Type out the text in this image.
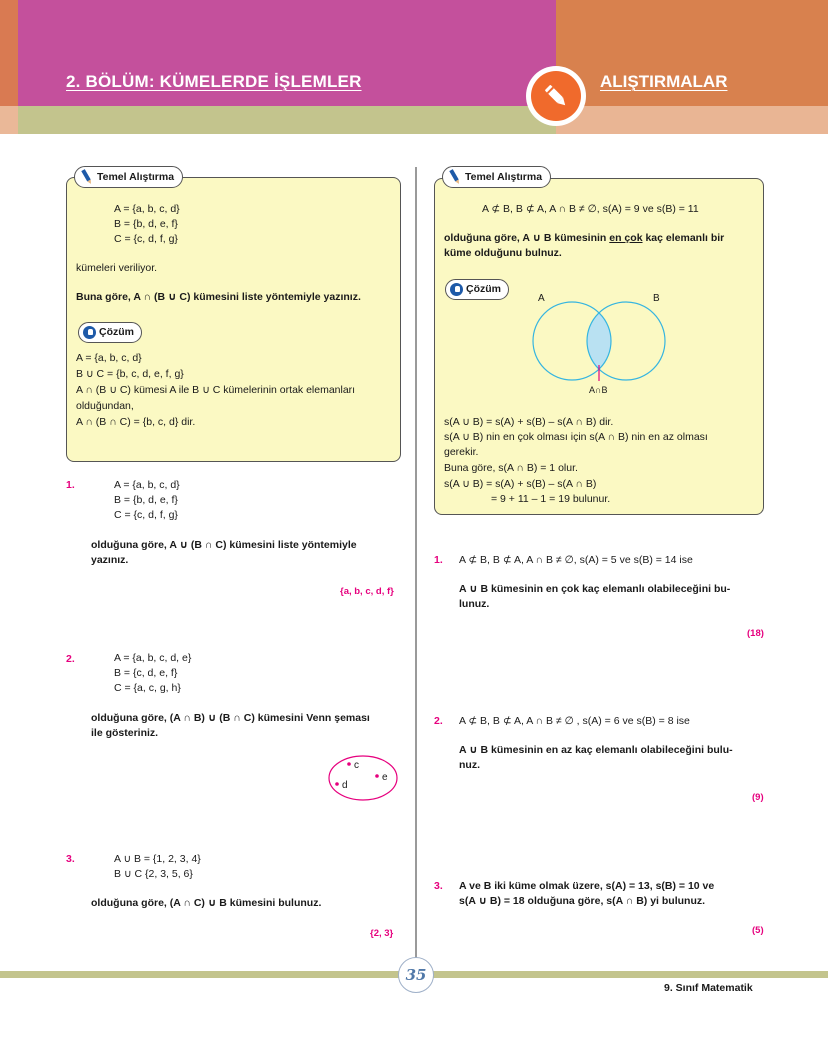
2. BÖLÜM: KÜMELERDE İŞLEMLER	ALIŞTIRMALAR
Temel Alıştırma
A = {a, b, c, d}
B = {b, d, e, f}
C = {c, d, f, g}
kümeleri veriliyor.
Buna göre, A ∩ (B ∪ C) kümesini liste yöntemiyle yazınız.
Çözüm
A = {a, b, c, d}
B ∪ C = {b, c, d, e, f, g}
A ∩ (B ∪ C) kümesi A ile B ∪ C kümelerinin ortak elemanları
olduğundan,
A ∩ (B ∩ C) = {b, c, d} dir.
Temel Alıştırma
A ⊄ B, B ⊄ A, A ∩ B ≠ ∅, s(A) = 9 ve s(B) = 11
olduğuna göre, A ∪ B kümesinin en çok kaç elemanlı bir
küme olduğunu bulnuz.
Çözüm
A	B
A∩B
s(A ∪ B) = s(A) + s(B) – s(A ∩ B) dir.
s(A ∪ B) nin en çok olması için s(A ∩ B) nin en az olması
gerekir.
Buna göre, s(A ∩ B) = 1 olur.
s(A ∪ B) = s(A) + s(B) – s(A ∩ B)
= 9 + 11 – 1 = 19 bulunur.
1.	A = {a, b, c, d}
B = {b, d, e, f}
C = {c, d, f, g}
olduğuna göre, A ∪ (B ∩ C) kümesini liste yöntemiyle
yazınız.
{a, b, c, d, f}
2.	A = {a, b, c, d, e}
B = {c, d, e, f}
C = {a, c, g, h}
olduğuna göre, (A ∩ B) ∪ (B ∩ C) kümesini Venn şeması
ile gösteriniz.
c
e
d
3.	A ∪ B = {1, 2, 3, 4}
B ∪ C {2, 3, 5, 6}
olduğuna göre, (A ∩ C) ∪ B kümesini bulunuz.
{2, 3}
1. A ⊄ B, B ⊄ A, A ∩ B ≠ ∅, s(A) = 5 ve s(B) = 14 ise
A ∪ B kümesinin en çok kaç elemanlı olabileceğini bu-
lunuz.
(18)
2. A ⊄ B, B ⊄ A, A ∩ B ≠ ∅ , s(A) = 6 ve s(B) = 8 ise
A ∪ B kümesinin en az kaç elemanlı olabileceğini bulu-
nuz.
(9)
3. A ve B iki küme olmak üzere, s(A) = 13, s(B) = 10 ve
s(A ∪ B) = 18 olduğuna göre, s(A ∩ B) yi bulunuz.
(5)
35
9. Sınıf Matematik
